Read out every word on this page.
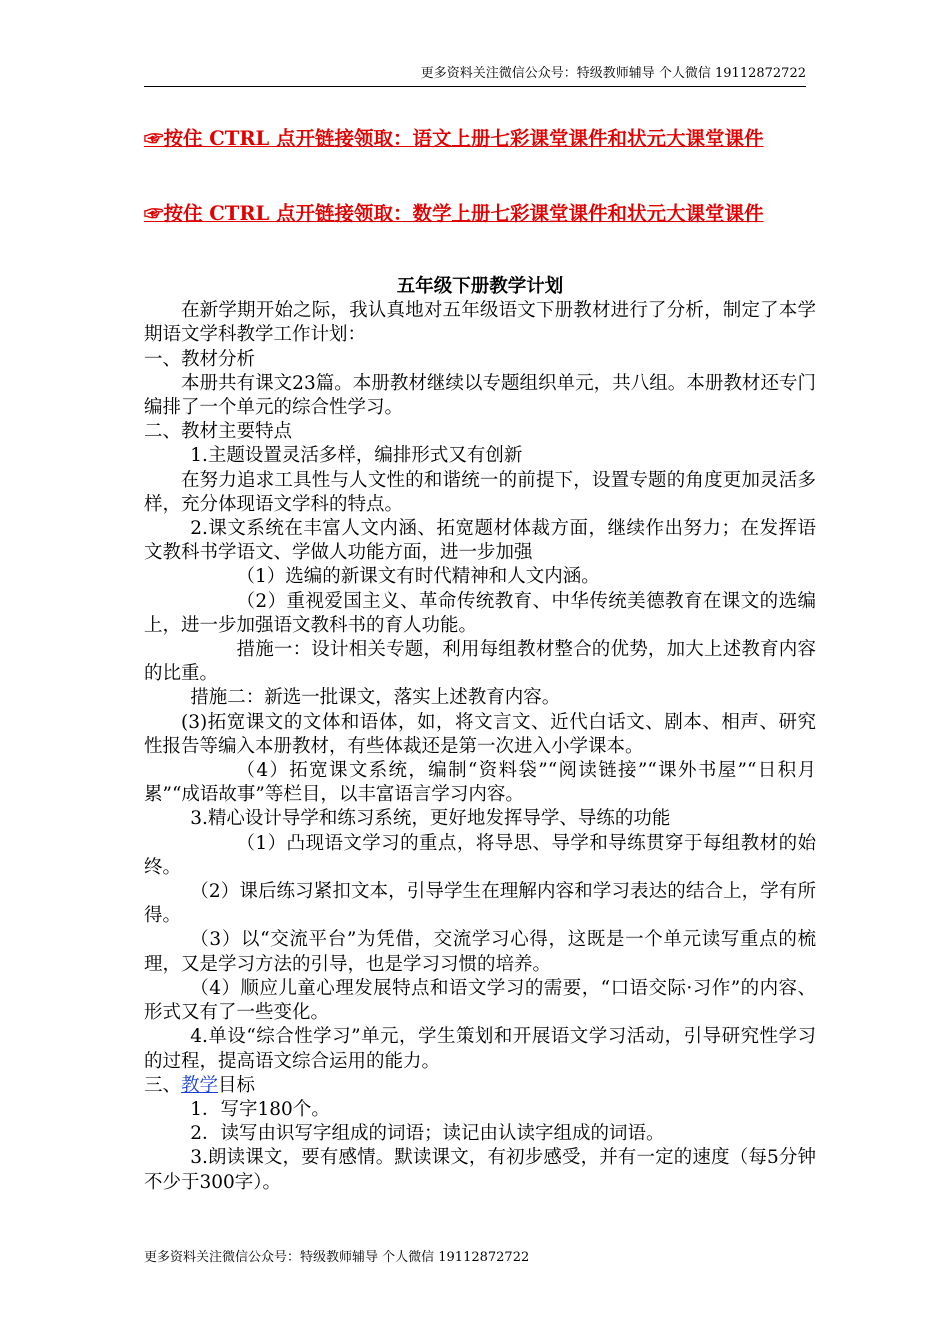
更多资料关注微信公众号：特级教师辅导 个人微信 19112872722
☞按住 CTRL 点开链接领取：语文上册七彩课堂课件和状元大课堂课件
☞按住 CTRL 点开链接领取：数学上册七彩课堂课件和状元大课堂课件
五年级下册教学计划

在新学期开始之际，我认真地对五年级语文下册教材进行了分析，制定了本学期语文学科教学工作计划：

一、教材分析

本册共有课文23篇。本册教材继续以专题组织单元，共八组。本册教材还专门编排了一个单元的综合性学习。

二、教材主要特点

1.主题设置灵活多样，编排形式又有创新

在努力追求工具性与人文性的和谐统一的前提下，设置专题的角度更加灵活多样，充分体现语文学科的特点。

2.课文系统在丰富人文内涵、拓宽题材体裁方面，继续作出努力；在发挥语文教科书学语文、学做人功能方面，进一步加强

（1）选编的新课文有时代精神和人文内涵。

（2）重视爱国主义、革命传统教育、中华传统美德教育在课文的选编上，进一步加强语文教科书的育人功能。

措施一：设计相关专题，利用每组教材整合的优势，加大上述教育内容的比重。

措施二：新选一批课文，落实上述教育内容。

(3)拓宽课文的文体和语体，如，将文言文、近代白话文、剧本、相声、研究性报告等编入本册教材，有些体裁还是第一次进入小学课本。

（4）拓宽课文系统，编制“资料袋”“阅读链接”“课外书屋”“日积月累”“成语故事”等栏目，以丰富语言学习内容。

3.精心设计导学和练习系统，更好地发挥导学、导练的功能

（1）凸现语文学习的重点，将导思、导学和导练贯穿于每组教材的始终。

（2）课后练习紧扣文本，引导学生在理解内容和学习表达的结合上，学有所得。

（3）以“交流平台”为凭借，交流学习心得，这既是一个单元读写重点的梳理，又是学习方法的引导，也是学习习惯的培养。

（4）顺应儿童心理发展特点和语文学习的需要，“口语交际·习作”的内容、形式又有了一些变化。

4.单设“综合性学习”单元，学生策划和开展语文学习活动，引导研究性学习的过程，提高语文综合运用的能力。

三、教学目标

1．写字180个。

2．读写由识写字组成的词语；读记由认读字组成的词语。

3.朗读课文，要有感情。默读课文，有初步感受，并有一定的速度（每5分钟不少于300字）。

更多资料关注微信公众号：特级教师辅导 个人微信 19112872722
